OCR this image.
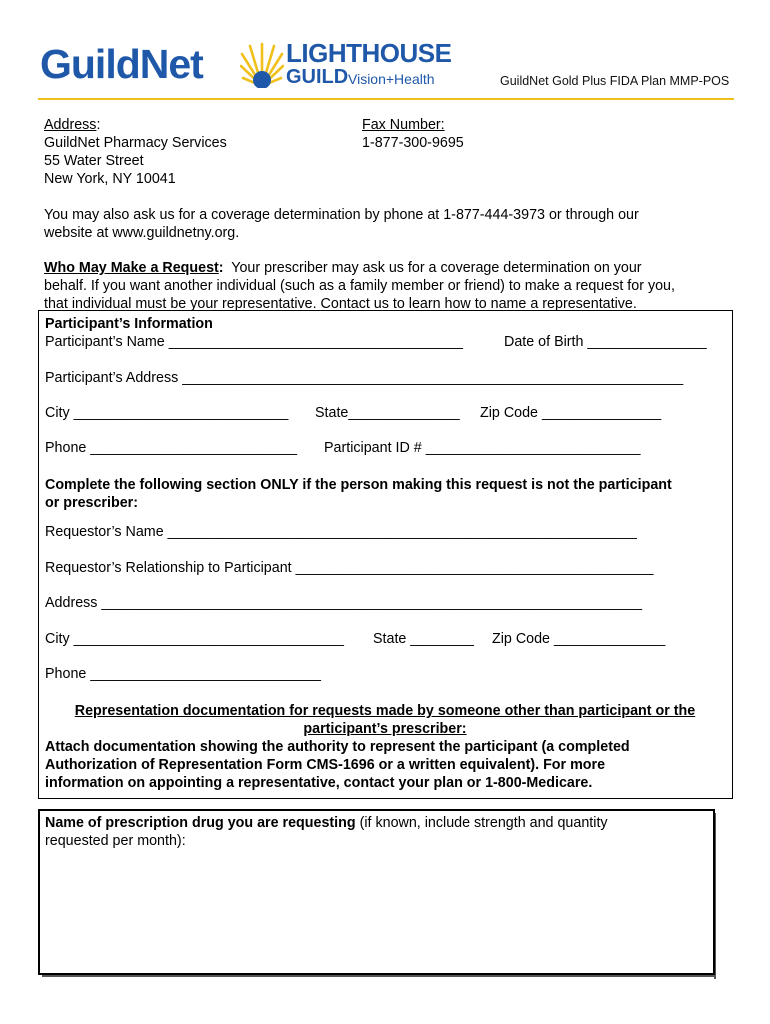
GuildNet	LIGHTHOUSE
GUILD Vision+Health	GuildNet Gold Plus FIDA Plan MMP-POS
Address:
GuildNet Pharmacy Services
55 Water Street
New York, NY 10041
Fax Number:
1-877-300-9695
You may also ask us for a coverage determination by phone at 1-877-444-3973 or through our
website at www.guildnetny.org.
Who May Make a Request:  Your prescriber may ask us for a coverage determination on your
behalf. If you want another individual (such as a family member or friend) to make a request for you,
that individual must be your representative. Contact us to learn how to name a representative.
Participant’s Information
Participant’s Name _____________________________________	Date of Birth _______________
Participant’s Address _______________________________________________________________
City ___________________________ State______________ Zip Code _______________
Phone __________________________ Participant ID # ___________________________
Complete the following section ONLY if the person making this request is not the participant
or prescriber:
Requestor’s Name ___________________________________________________________
Requestor’s Relationship to Participant _____________________________________________
Address ____________________________________________________________________
City __________________________________ State ________ Zip Code ______________
Phone _____________________________
Representation documentation for requests made by someone other than participant or the
participant’s prescriber:
Attach documentation showing the authority to represent the participant (a completed
Authorization of Representation Form CMS-1696 or a written equivalent). For more
information on appointing a representative, contact your plan or 1-800-Medicare.
Name of prescription drug you are requesting (if known, include strength and quantity
requested per month):
